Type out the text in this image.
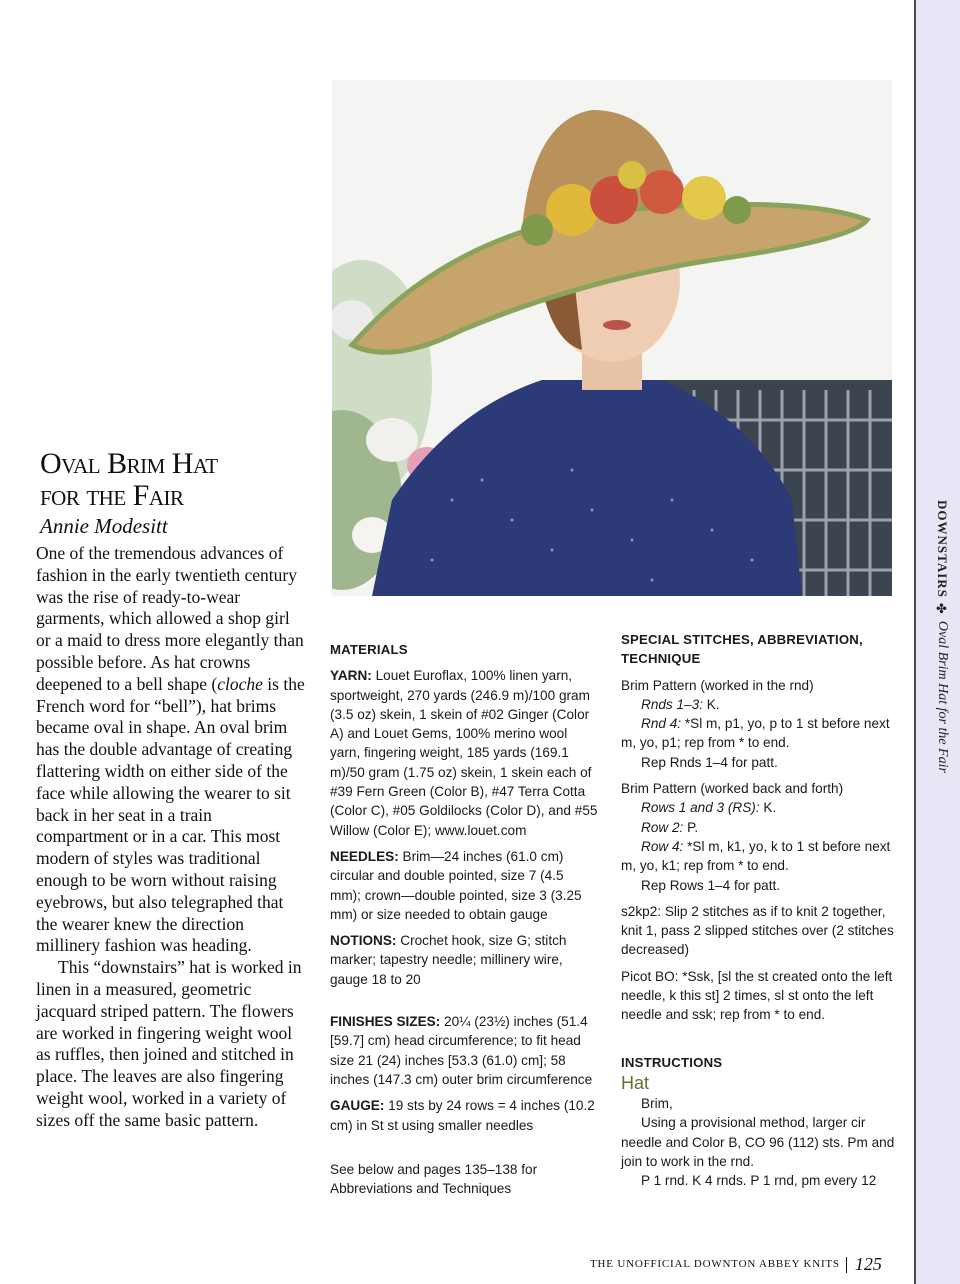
DOWNSTAIRS✤Oval Brim Hat for the Fair
Oval Brim Hat
for the Fair
Annie Modesitt

One of the tremendous advances of fashion in the early twentieth century was the rise of ready-to-wear garments, which allowed a shop girl or a maid to dress more elegantly than possible before. As hat crowns deepened to a bell shape (cloche is the French word for “bell”), hat brims became oval in shape. An oval brim has the double advantage of creating flattering width on either side of the face while allowing the wearer to sit back in her seat in a train compartment or in a car. This most modern of styles was traditional enough to be worn without raising eyebrows, but also telegraphed that the wearer knew the direction millinery fashion was heading.

This “downstairs” hat is worked in linen in a measured, geometric jacquard striped pattern. The flowers are worked in fingering weight wool as ruffles, then joined and stitched in place. The leaves are also fingering weight wool, worked in a variety of sizes off the same basic pattern.

MATERIALS

YARN: Louet Euroflax, 100% linen yarn, sportweight, 270 yards (246.9 m)/100 gram (3.5 oz) skein, 1 skein of #02 Ginger (Color A) and Louet Gems, 100% merino wool yarn, fingering weight, 185 yards (169.1 m)/50 gram (1.75 oz) skein, 1 skein each of #39 Fern Green (Color B), #47 Terra Cotta (Color C), #05 Goldilocks (Color D), and #55 Willow (Color E); www.louet.com

NEEDLES: Brim—24 inches (61.0 cm) circular and double pointed, size 7 (4.5 mm); crown—double pointed, size 3 (3.25 mm) or size needed to obtain gauge

NOTIONS: Crochet hook, size G; stitch marker; tapestry needle; millinery wire, gauge 18 to 20

FINISHES SIZES: 20¼ (23½) inches (51.4 [59.7] cm) head circumference; to fit head size 21 (24) inches [53.3 (61.0) cm]; 58 inches (147.3 cm) outer brim circumference

GAUGE: 19 sts by 24 rows = 4 inches (10.2 cm) in St st using smaller needles

See below and pages 135–138 for Abbreviations and Techniques

SPECIAL STITCHES, ABBREVIATION, TECHNIQUE

Brim Pattern (worked in the rnd)

Rnds 1–3: K.

Rnd 4: *Sl m, p1, yo, p to 1 st before next m, yo, p1; rep from * to end.

Rep Rnds 1–4 for patt.

Brim Pattern (worked back and forth)

Rows 1 and 3 (RS): K.

Row 2: P.

Row 4: *Sl m, k1, yo, k to 1 st before next m, yo, k1; rep from * to end.

Rep Rows 1–4 for patt.

s2kp2: Slip 2 stitches as if to knit 2 together, knit 1, pass 2 slipped stitches over (2 stitches decreased)

Picot BO: *Ssk, [sl the st created onto the left needle, k this st] 2 times, sl st onto the left needle and ssk; rep from * to end.

INSTRUCTIONS

Hat

Brim,

Using a provisional method, larger cir needle and Color B, CO 96 (112) sts. Pm and join to work in the rnd.

P 1 rnd. K 4 rnds. P 1 rnd, pm every 12

THE UNOFFICIAL DOWNTON ABBEY KNITS 125
